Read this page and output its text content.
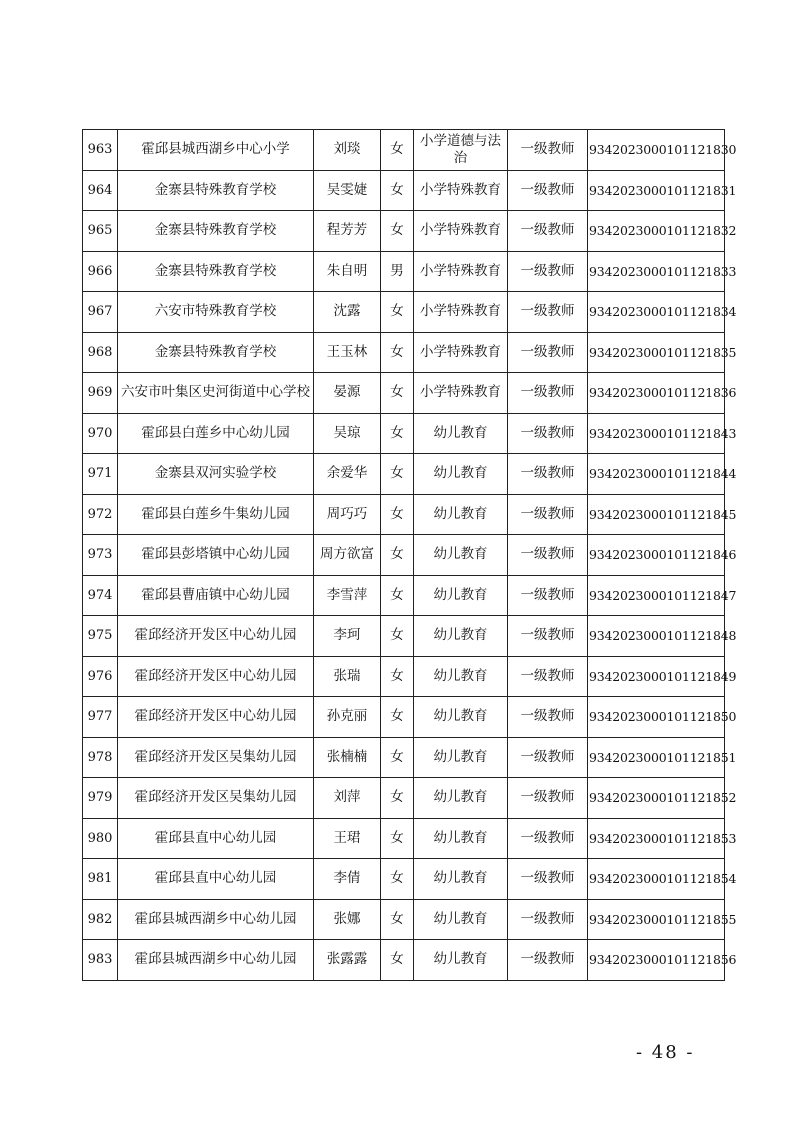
963	霍邱县城西湖乡中心小学	刘琰	女	小学道德与法治	一级教师	9342023000101121830
964	金寨县特殊教育学校	吴雯婕	女	小学特殊教育	一级教师	9342023000101121831
965	金寨县特殊教育学校	程芳芳	女	小学特殊教育	一级教师	9342023000101121832
966	金寨县特殊教育学校	朱自明	男	小学特殊教育	一级教师	9342023000101121833
967	六安市特殊教育学校	沈露	女	小学特殊教育	一级教师	9342023000101121834
968	金寨县特殊教育学校	王玉林	女	小学特殊教育	一级教师	9342023000101121835
969	六安市叶集区史河街道中心学校	晏源	女	小学特殊教育	一级教师	9342023000101121836
970	霍邱县白莲乡中心幼儿园	吴琼	女	幼儿教育	一级教师	9342023000101121843
971	金寨县双河实验学校	余爱华	女	幼儿教育	一级教师	9342023000101121844
972	霍邱县白莲乡牛集幼儿园	周巧巧	女	幼儿教育	一级教师	9342023000101121845
973	霍邱县彭塔镇中心幼儿园	周方欲富	女	幼儿教育	一级教师	9342023000101121846
974	霍邱县曹庙镇中心幼儿园	李雪萍	女	幼儿教育	一级教师	9342023000101121847
975	霍邱经济开发区中心幼儿园	李珂	女	幼儿教育	一级教师	9342023000101121848
976	霍邱经济开发区中心幼儿园	张瑞	女	幼儿教育	一级教师	9342023000101121849
977	霍邱经济开发区中心幼儿园	孙克丽	女	幼儿教育	一级教师	9342023000101121850
978	霍邱经济开发区吴集幼儿园	张楠楠	女	幼儿教育	一级教师	9342023000101121851
979	霍邱经济开发区吴集幼儿园	刘萍	女	幼儿教育	一级教师	9342023000101121852
980	霍邱县直中心幼儿园	王珺	女	幼儿教育	一级教师	9342023000101121853
981	霍邱县直中心幼儿园	李倩	女	幼儿教育	一级教师	9342023000101121854
982	霍邱县城西湖乡中心幼儿园	张娜	女	幼儿教育	一级教师	9342023000101121855
983	霍邱县城西湖乡中心幼儿园	张露露	女	幼儿教育	一级教师	9342023000101121856
- 48 -
